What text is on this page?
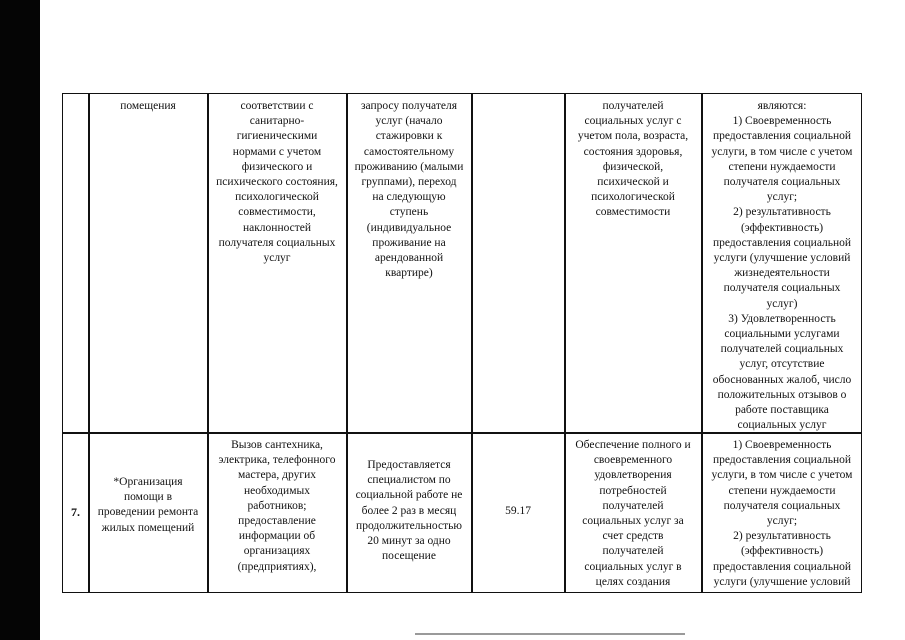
помещения	соответствии с
санитарно-
гигиеническими
нормами с учетом
физического и
психического состояния,
психологической
совместимости,
наклонностей
получателя социальных
услуг
запросу получателя
услуг (начало
стажировки к
самостоятельному
проживанию (малыми
группами), переход
на следующую
ступень
(индивидуальное
проживание на
арендованной
квартире)
получателей
социальных услуг с
учетом пола, возраста,
состояния здоровья,
физической,
психической и
психологической
совместимости
являются:
1) Своевременность
предоставления социальной
услуги, в том числе с учетом
степени нуждаемости
получателя социальных
услуг;
2) результативность
(эффективность)
предоставления социальной
услуги (улучшение условий
жизнедеятельности
получателя социальных
услуг)
3) Удовлетворенность
социальными услугами
получателей социальных
услуг, отсутствие
обоснованных жалоб, число
положительных отзывов о
работе поставщика
социальных услуг
7.
*Организация
помощи в
проведении ремонта
жилых помещений
Вызов сантехника,
электрика, телефонного
мастера, других
необходимых
работников;
предоставление
информации об
организациях
(предприятиях),
Предоставляется
специалистом по
социальной работе не
более 2 раз в месяц
продолжительностью
20 минут за одно
посещение
59.17
Обеспечение полного и
своевременного
удовлетворения
потребностей
получателей
социальных услуг за
счет средств
получателей
социальных услуг в
целях создания
1) Своевременность
предоставления социальной
услуги, в том числе с учетом
степени нуждаемости
получателя социальных
услуг;
2) результативность
(эффективность)
предоставления социальной
услуги (улучшение условий
